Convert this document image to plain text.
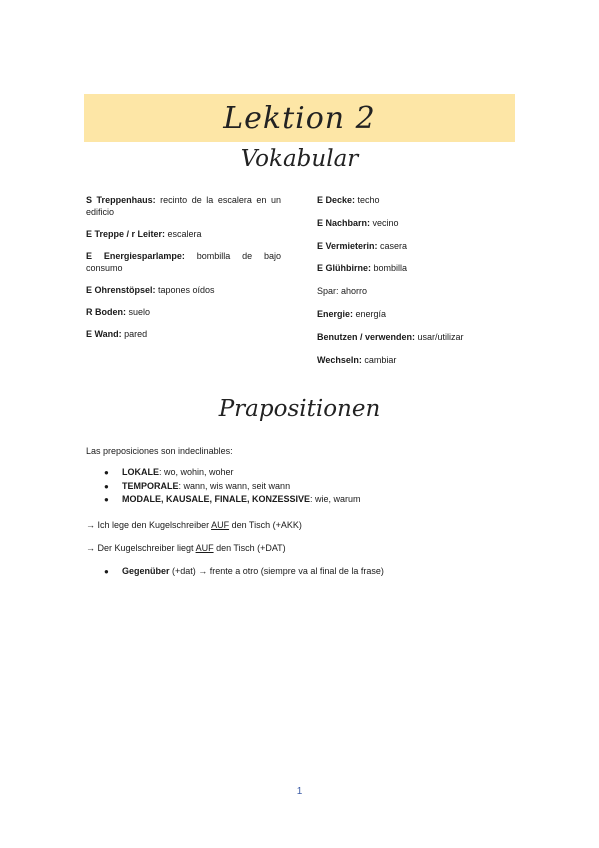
Lektion 2
Vokabular

S Treppenhaus: recinto de la escalera en un edificio

E Treppe / r Leiter: escalera

E Energiesparlampe: bombilla de bajo consumo

E Ohrenstöpsel: tapones oídos

R Boden: suelo

E Wand: pared

E Decke: techo

E Nachbarn: vecino

E Vermieterin: casera

E Glühbirne: bombilla

Spar: ahorro

Energie: energía

Benutzen / verwenden: usar/utilizar

Wechseln: cambiar

Prapositionen
Las preposiciones son indeclinables:
●	LOKALE: wo, wohin, woher
●	TEMPORALE: wann, wis wann, seit wann
●	MODALE, KAUSALE, FINALE, KONZESSIVE: wie, warum
→ Ich lege den Kugelschreiber AUF den Tisch (+AKK)
→ Der Kugelschreiber liegt AUF den Tisch (+DAT)
●	Gegenüber (+dat) → frente a otro (siempre va al final de la frase)
1
